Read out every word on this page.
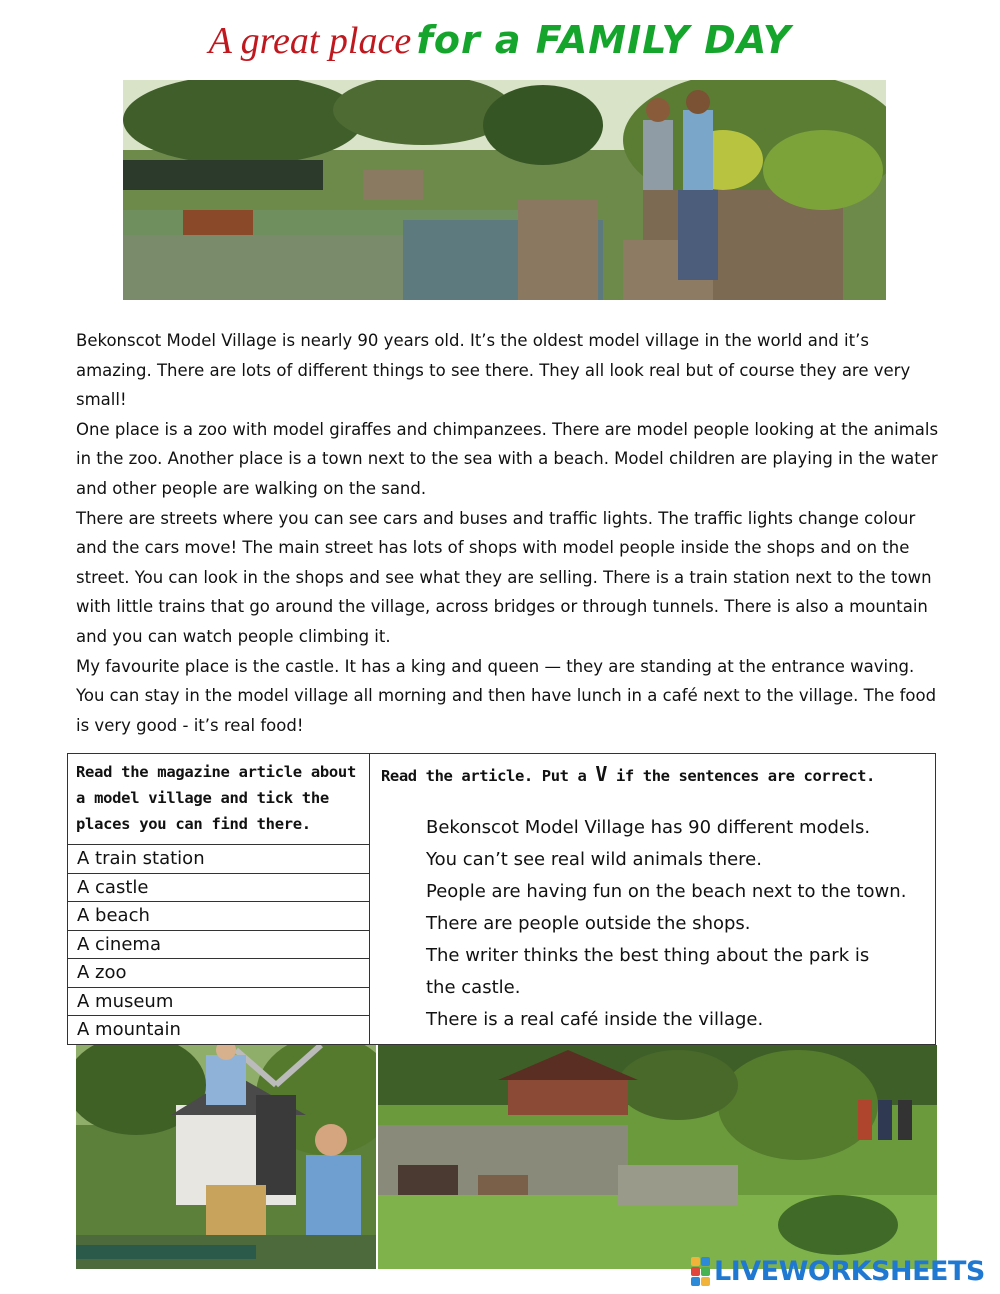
A great place for a FAMILY DAY

Bekonscot Model Village is nearly 90 years old. It’s the oldest model village in the world and it’s amazing. There are lots of different things to see there. They all look real but of course they are very small!

One place is a zoo with model giraffes and chimpanzees. There are model people looking at the animals in the zoo. Another place is a town next to the sea with a beach. Model children are playing in the water and other people are walking on the sand.

There are streets where you can see cars and buses and traffic lights. The traffic lights change colour and the cars move! The main street has lots of shops with model people inside the shops and on the street. You can look in the shops and see what they are selling. There is a train station next to the town with little trains that go around the village, across bridges or through tunnels. There is also a mountain and you can watch people climbing it.

My favourite place is the castle. It has a king and queen — they are standing at the entrance waving. You can stay in the model village all morning and then have lunch in a café next to the village. The food is very good - it’s real food!

Read the magazine article about a model village and tick the places you can find there.
A train station
A castle
A beach
A cinema
A zoo
A museum
A mountain
Read the article. Put a V if the sentences are correct.
Bekonscot Model Village has 90 different models.
You can’t see real wild animals there.
People are having fun on the beach next to the town.
There are people outside the shops.
The writer thinks the best thing about the park is
the castle.
There is a real café inside the village.
LIVEWORKSHEETS
